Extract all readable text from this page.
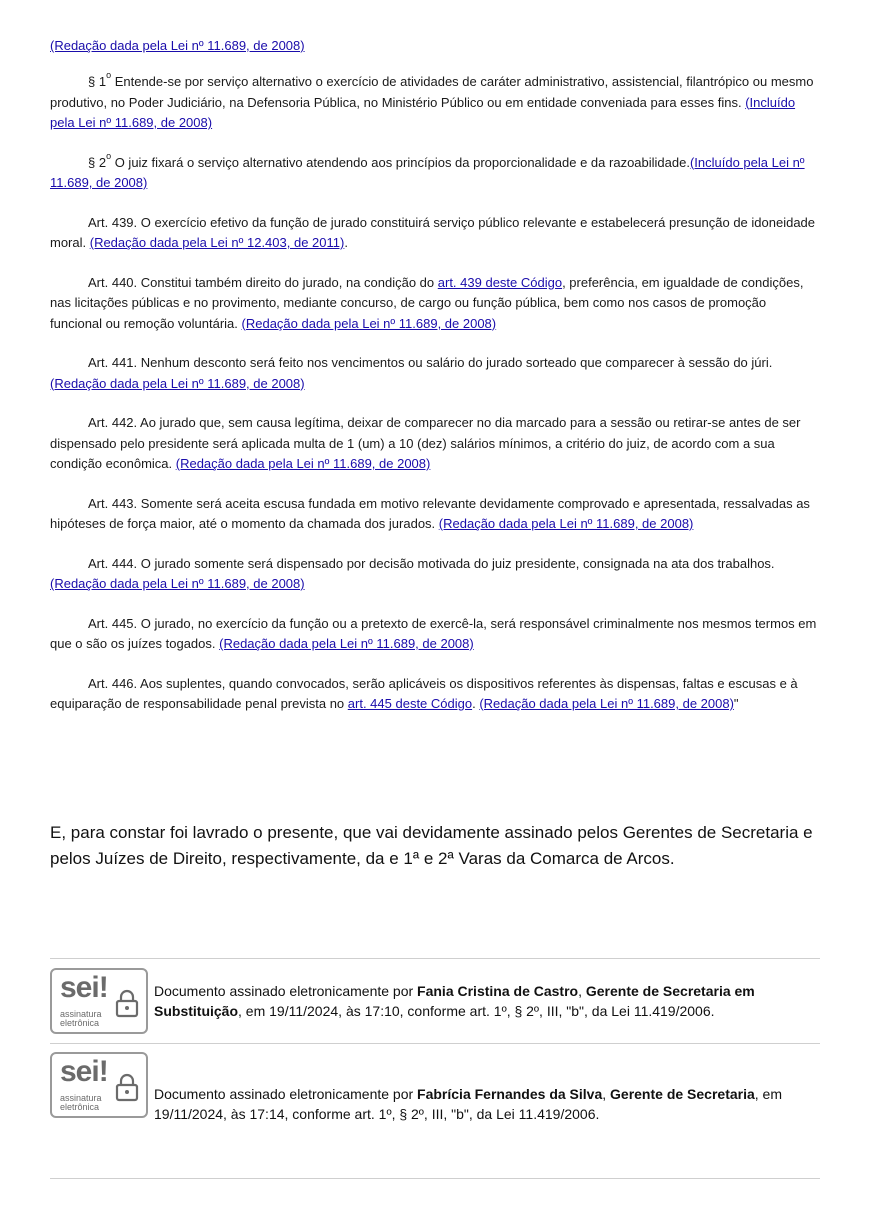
(Redação dada pela Lei nº 11.689, de 2008)

§ 1$^o$ Entende-se por serviço alternativo o exercício de atividades de caráter administrativo, assistencial, filantrópico ou mesmo produtivo, no Poder Judiciário, na Defensoria Pública, no Ministério Público ou em entidade conveniada para esses fins. (Incluído pela Lei nº 11.689, de 2008)

§ 2$^o$ O juiz fixará o serviço alternativo atendendo aos princípios da proporcionalidade e da razoabilidade.(Incluído pela Lei nº 11.689, de 2008)

Art. 439. O exercício efetivo da função de jurado constituirá serviço público relevante e estabelecerá presunção de idoneidade moral. (Redação dada pela Lei nº 12.403, de 2011).

Art. 440. Constitui também direito do jurado, na condição do art. 439 deste Código, preferência, em igualdade de condições, nas licitações públicas e no provimento, mediante concurso, de cargo ou função pública, bem como nos casos de promoção funcional ou remoção voluntária. (Redação dada pela Lei nº 11.689, de 2008)

Art. 441. Nenhum desconto será feito nos vencimentos ou salário do jurado sorteado que comparecer à sessão do júri. (Redação dada pela Lei nº 11.689, de 2008)

Art. 442. Ao jurado que, sem causa legítima, deixar de comparecer no dia marcado para a sessão ou retirar-se antes de ser dispensado pelo presidente será aplicada multa de 1 (um) a 10 (dez) salários mínimos, a critério do juiz, de acordo com a sua condição econômica. (Redação dada pela Lei nº 11.689, de 2008)

Art. 443. Somente será aceita escusa fundada em motivo relevante devidamente comprovado e apresentada, ressalvadas as hipóteses de força maior, até o momento da chamada dos jurados. (Redação dada pela Lei nº 11.689, de 2008)

Art. 444. O jurado somente será dispensado por decisão motivada do juiz presidente, consignada na ata dos trabalhos. (Redação dada pela Lei nº 11.689, de 2008)

Art. 445. O jurado, no exercício da função ou a pretexto de exercê-la, será responsável criminalmente nos mesmos termos em que o são os juízes togados. (Redação dada pela Lei nº 11.689, de 2008)

Art. 446. Aos suplentes, quando convocados, serão aplicáveis os dispositivos referentes às dispensas, faltas e escusas e à equiparação de responsabilidade penal prevista no art. 445 deste Código. (Redação dada pela Lei nº 11.689, de 2008)"

E, para constar foi lavrado o presente, que vai devidamente assinado pelos Gerentes de Secretaria e pelos Juízes de Direito, respectivamente, da e 1ª e 2ª Varas da Comarca de Arcos.
sei!
assinatura
eletrônica
Documento assinado eletronicamente por Fania Cristina de Castro, Gerente de Secretaria em Substituição, em 19/11/2024, às 17:10, conforme art. 1º, § 2º, III, "b", da Lei 11.419/2006.
sei!
assinatura
eletrônica
Documento assinado eletronicamente por Fabrícia Fernandes da Silva, Gerente de Secretaria, em 19/11/2024, às 17:14, conforme art. 1º, § 2º, III, "b", da Lei 11.419/2006.
